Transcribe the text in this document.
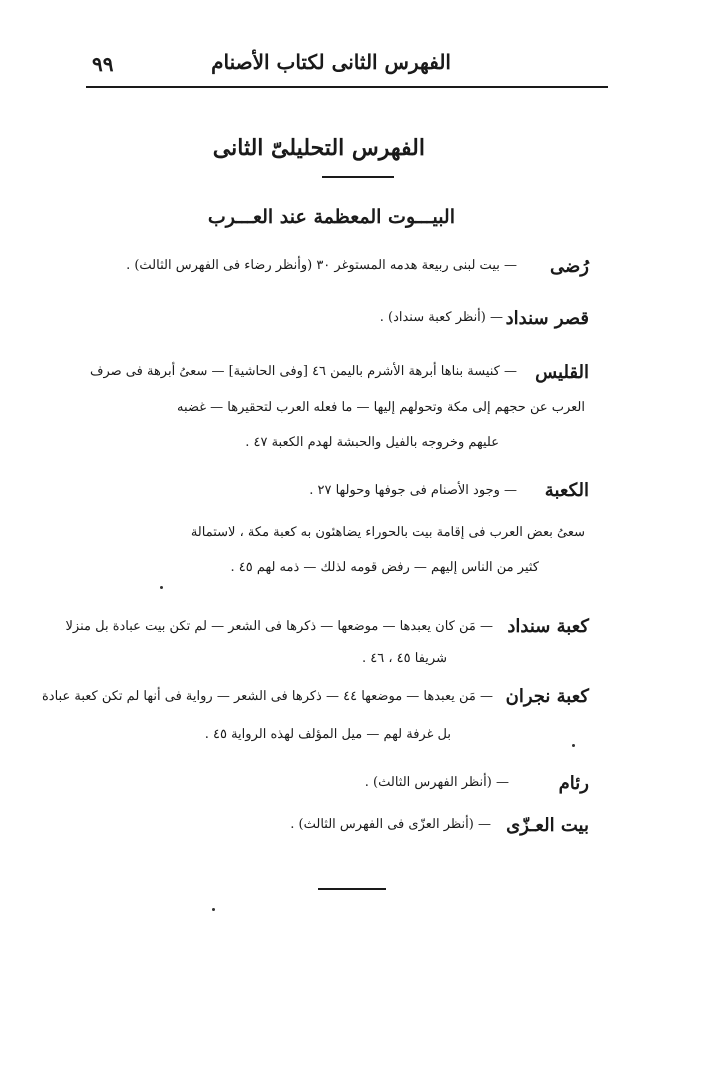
الفهرس الثانى لكتاب الأصنام
٩٩
الفهرس التحليلىّ الثانى
البيـــوت المعظمة عند العـــرب
رُضى
— بيت لبنى ربيعة هدمه المستوغر ٣٠ (وأنظر رضاء فى الفهرس الثالث) .
قصر سنداد
— (أنظر كعبة سنداد) .
القليس
— كنيسة بناها أبرهة الأشرم باليمن ٤٦ [وفى الحاشية] — سعىُ أبرهة فى صرف
العرب عن حجهم إلى مكة وتحولهم إليها — ما فعله العرب لتحقيرها — غضبه
عليهم وخروجه بالفيل والحبشة لهدم الكعبة ٤٧ .
الكعبة
— وجود الأصنام فى جوفها وحولها ٢٧ .
سعىُ بعض العرب فى إقامة بيت بالحوراء يضاهئون به كعبة مكة ، لاستمالة
كثير من الناس إليهم — رفض قومه لذلك — ذمه لهم ٤٥ .
كعبة سنداد
— مَن كان يعبدها — موضعها — ذكرها فى الشعر — لم تكن بيت عبادة بل منزلا
شريفا ٤٥ ، ٤٦ .
كعبة نجران
— مَن يعبدها — موضعها ٤٤ — ذكرها فى الشعر — رواية فى أنها لم تكن كعبة عبادة
بل غرفة لهم — ميل المؤلف لهذه الرواية ٤٥ .
رئام
— (أنظر الفهرس الثالث) .
بيت العـزّى
— (أنظر العزّى فى الفهرس الثالث) .
